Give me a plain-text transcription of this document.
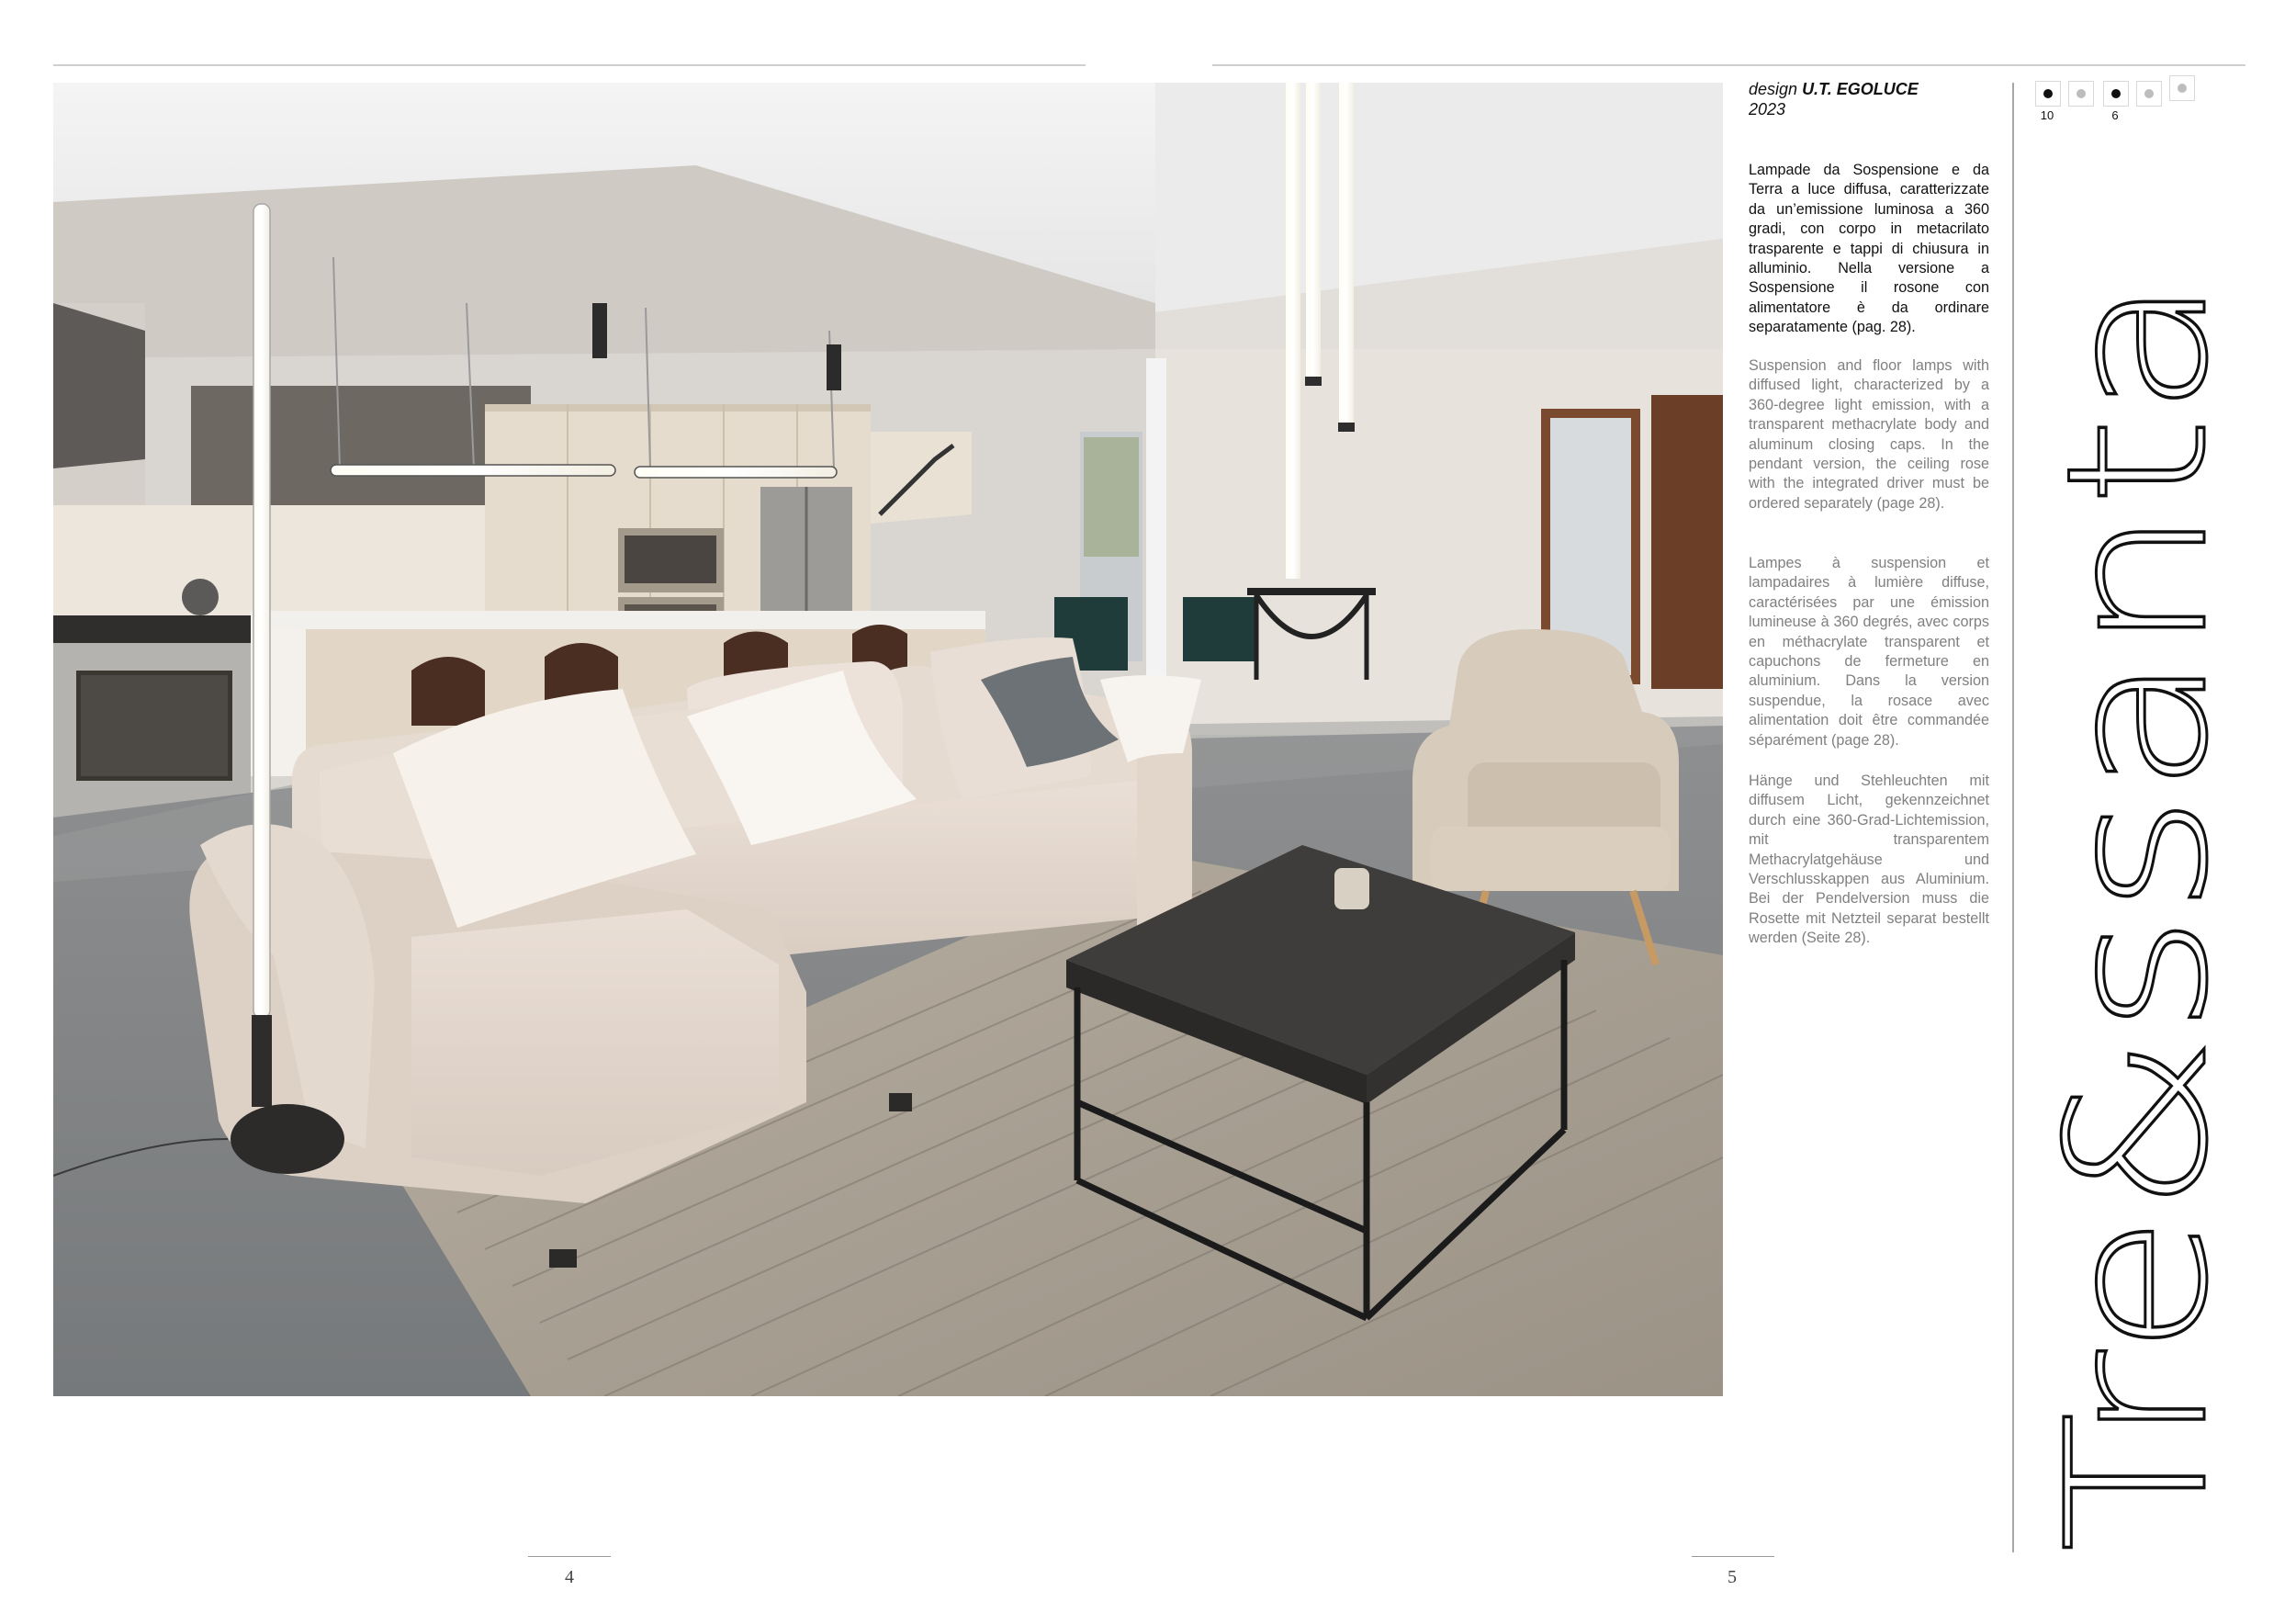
design U.T. EGOLUCE
2023

Lampade da Sospensione e da Terra a luce diffusa, caratterizzate da un’emissione luminosa a 360 gradi, con corpo in metacrilato trasparente e tappi di chiusura in alluminio. Nella versione a Sospensione il rosone con alimentatore è da ordinare separatamente (pag. 28).

Suspension and floor lamps with diffused light, characterized by a 360-degree light emission, with a transparent methacrylate body and aluminum closing caps. In the pendant version, the ceiling rose with the integrated driver must be ordered separately (page 28).

Lampes à suspension et lampadaires à lumière diffuse, caractérisées par une émission lumineuse à 360 degrés, avec corps en méthacrylate transparent et capuchons de fermeture en aluminium. Dans la version suspendue, la rosace avec alimentation doit être commandée séparément (page 28).

Hänge und Stehleuchten mit diffusem Licht, gekennzeichnet durch eine 360-Grad-Lichtemission, mit transparentem Methacrylatgehäuse und Verschlusskappen aus Aluminium. Bei der Pendelversion muss die Rosette mit Netzteil separat bestellt werden (Seite 28).

10	6
Tre&ssanta
4	5
